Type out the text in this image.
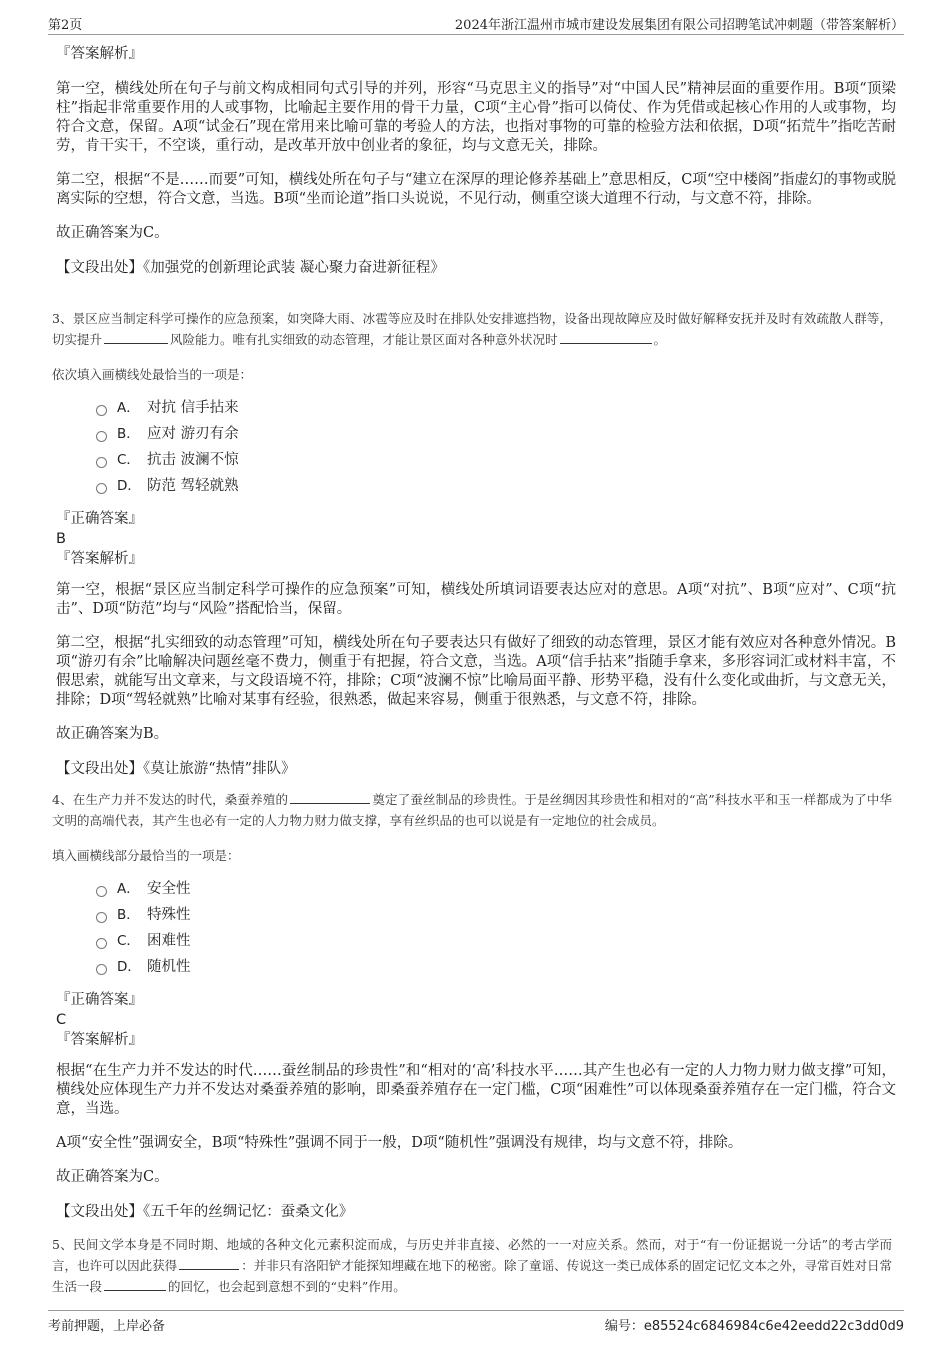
第2页	2024年浙江温州市城市建设发展集团有限公司招聘笔试冲刺题（带答案解析）
『答案解析』

第一空，横线处所在句子与前文构成相同句式引导的并列，形容“马克思主义的指导”对“中国人民”精神层面的重要作用。B项“顶梁柱”指起非常重要作用的人或事物，比喻起主要作用的骨干力量，C项“主心骨”指可以倚仗、作为凭借或起核心作用的人或事物，均符合文意，保留。A项“试金石”现在常用来比喻可靠的考验人的方法，也指对事物的可靠的检验方法和依据，D项“拓荒牛”指吃苦耐劳，肯干实干，不空谈，重行动，是改革开放中创业者的象征，均与文意无关，排除。

第二空，根据“不是……而要”可知，横线处所在句子与“建立在深厚的理论修养基础上”意思相反，C项“空中楼阁”指虚幻的事物或脱离实际的空想，符合文意，当选。B项“坐而论道”指口头说说，不见行动，侧重空谈大道理不行动，与文意不符，排除。

故正确答案为C。

【文段出处】《加强党的创新理论武装 凝心聚力奋进新征程》

3、景区应当制定科学可操作的应急预案，如突降大雨、冰雹等应及时在排队处安排遮挡物，设备出现故障应及时做好解释安抚并及时有效疏散人群等，切实提升	风险能力。唯有扎实细致的动态管理，才能让景区面对各种意外状况时	。

依次填入画横线处最恰当的一项是：
A． 对抗 信手拈来
B． 应对 游刃有余
C． 抗击 波澜不惊
D． 防范 驾轻就熟
『正确答案』
B
『答案解析』

第一空，根据“景区应当制定科学可操作的应急预案”可知，横线处所填词语要表达应对的意思。A项“对抗”、B项“应对”、C项“抗击”、D项“防范”均与“风险”搭配恰当，保留。

第二空，根据“扎实细致的动态管理”可知，横线处所在句子要表达只有做好了细致的动态管理，景区才能有效应对各种意外情况。B项“游刃有余”比喻解决问题丝毫不费力，侧重于有把握，符合文意，当选。A项“信手拈来”指随手拿来，多形容词汇或材料丰富，不假思索，就能写出文章来，与文段语境不符，排除；C项“波澜不惊”比喻局面平静、形势平稳，没有什么变化或曲折，与文意无关，排除；D项“驾轻就熟”比喻对某事有经验，很熟悉，做起来容易，侧重于很熟悉，与文意不符，排除。

故正确答案为B。

【文段出处】《莫让旅游“热情”排队》

4、在生产力并不发达的时代，桑蚕养殖的	奠定了蚕丝制品的珍贵性。于是丝绸因其珍贵性和相对的“高”科技水平和玉一样都成为了中华文明的高端代表，其产生也必有一定的人力物力财力做支撑，享有丝织品的也可以说是有一定地位的社会成员。

填入画横线部分最恰当的一项是：
A． 安全性
B． 特殊性
C． 困难性
D． 随机性
『正确答案』
C
『答案解析』

根据“在生产力并不发达的时代……蚕丝制品的珍贵性”和“相对的‘高’科技水平……其产生也必有一定的人力物力财力做支撑”可知，横线处应体现生产力并不发达对桑蚕养殖的影响，即桑蚕养殖存在一定门槛，C项“困难性”可以体现桑蚕养殖存在一定门槛，符合文意，当选。

A项“安全性”强调安全，B项“特殊性”强调不同于一般，D项“随机性”强调没有规律，均与文意不符，排除。

故正确答案为C。

【文段出处】《五千年的丝绸记忆：蚕桑文化》

5、民间文学本身是不同时期、地域的各种文化元素积淀而成，与历史并非直接、必然的一一对应关系。然而，对于“有一份证据说一分话”的考古学而言，也许可以因此获得	：并非只有洛阳铲才能探知埋藏在地下的秘密。除了童谣、传说这一类已成体系的固定记忆文本之外，寻常百姓对日常生活一段	的回忆，也会起到意想不到的“史料”作用。

考前押题，上岸必备	编号：e85524c6846984c6e42eedd22c3dd0d9
